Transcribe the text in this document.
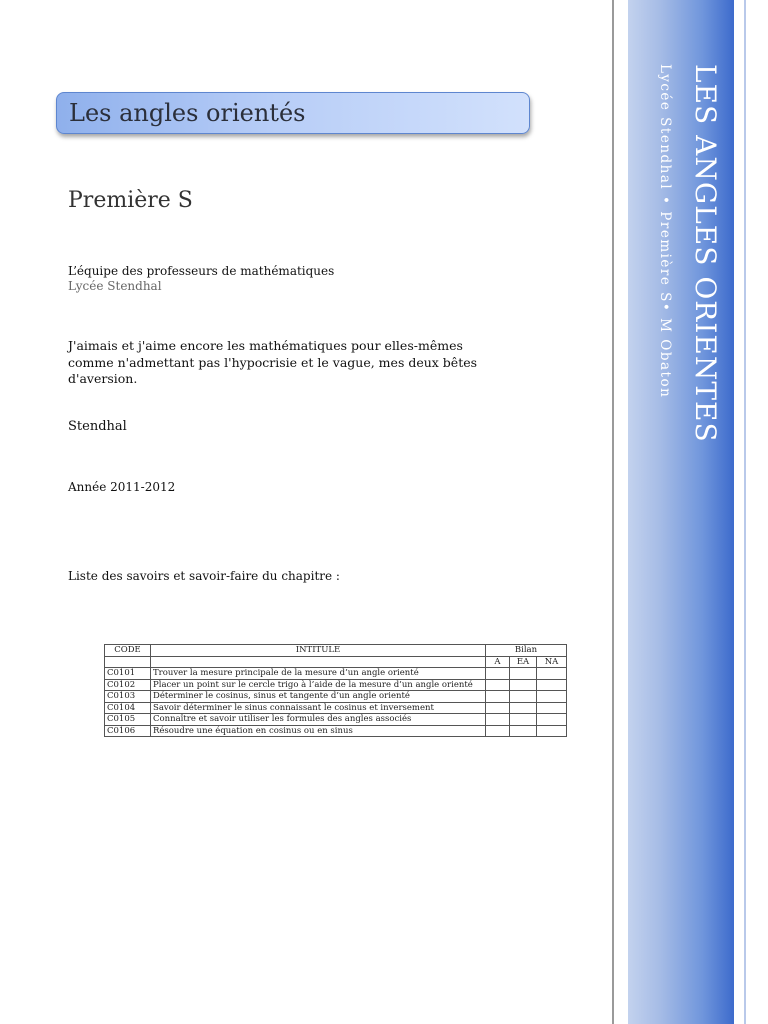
Les angles orientés
Première S
L’équipe des professeurs de mathématiques
Lycée Stendhal
J'aimais et j'aime encore les mathématiques pour elles-mêmes comme n'admettant pas l'hypocrisie et le vague, mes deux bêtes d'aversion.
Stendhal
Année 2011-2012
Liste des savoirs et savoir-faire du chapitre :
CODE	INTITULE	Bilan		
		A	EA	NA
C0101	Trouver la mesure principale de la mesure d’un angle orienté			
C0102	Placer un point sur le cercle trigo à l’aide de la mesure d’un angle orienté			
C0103	Déterminer le cosinus, sinus et tangente d’un angle orienté			
C0104	Savoir déterminer le sinus connaissant le cosinus et inversement			
C0105	Connaître et savoir utiliser les formules des angles associés			
C0106	Résoudre une équation en cosinus ou en sinus			
LES ANGLES ORIENTES
Lycée Stendhal • Première S• M Obaton
